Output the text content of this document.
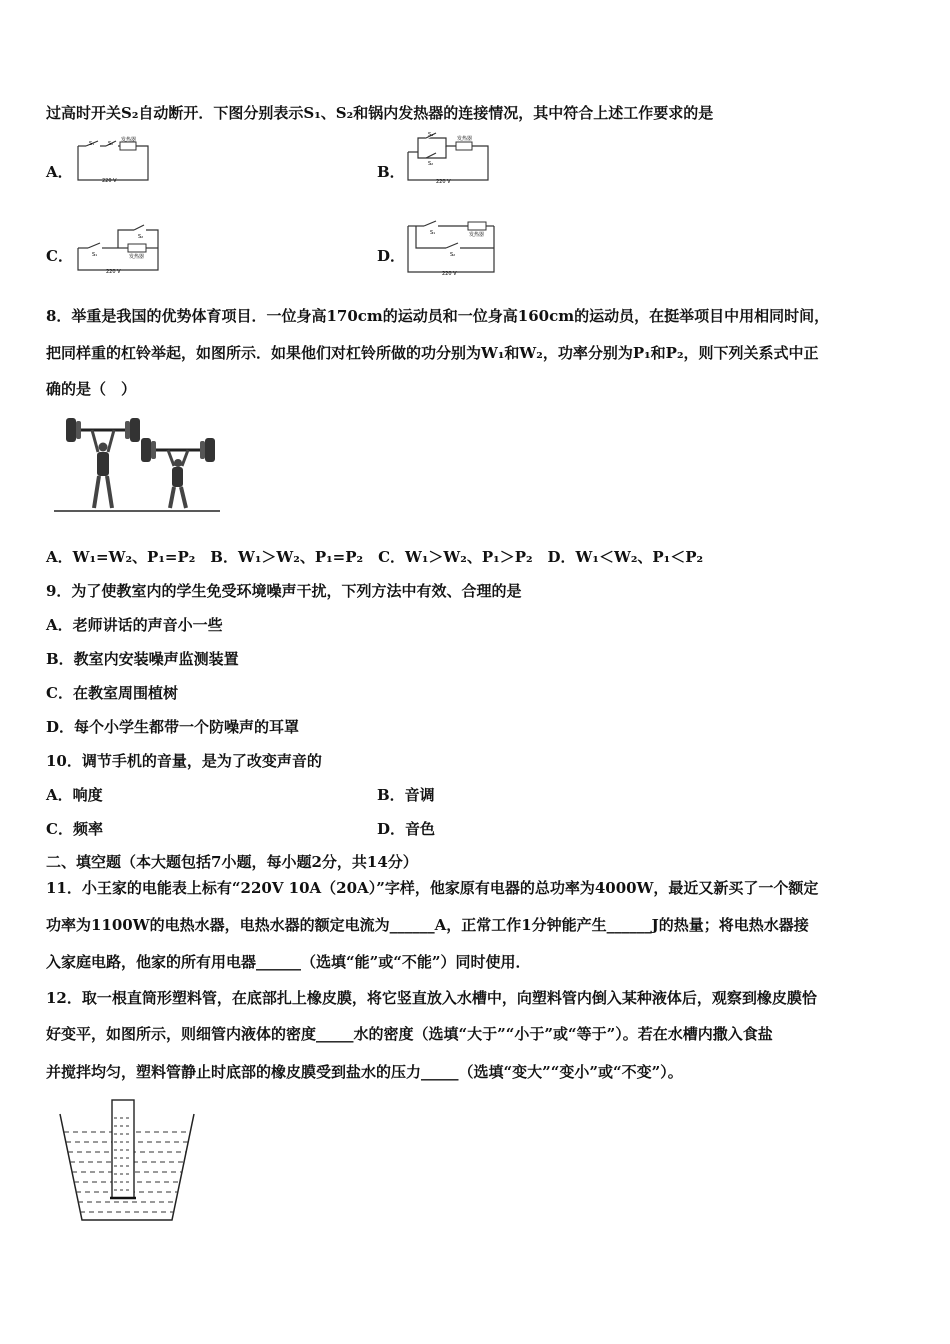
过高时开关S₂自动断开．下图分别表示S₁、S₂和锅内发热器的连接情况，其中符合上述工作要求的是
A．
S₁	S₂
发热器
220 V	B．
S₁
S₂
发热器
220 V
C．	S₁
S₂
发热器
220 V
D．
S₁
S₂
发热器
220 V
8．举重是我国的优势体育项目．一位身高170cm的运动员和一位身高160cm的运动员，在挺举项目中用相同时间，
把同样重的杠铃举起，如图所示．如果他们对杠铃所做的功分别为W₁和W₂，功率分别为P₁和P₂，则下列关系式中正
确的是（　）
A．W₁=W₂、P₁=P₂　B．W₁＞W₂、P₁=P₂　C．W₁＞W₂、P₁＞P₂　D．W₁＜W₂、P₁＜P₂
9．为了使教室内的学生免受环境噪声干扰，下列方法中有效、合理的是
A．老师讲话的声音小一些
B．教室内安装噪声监测装置
C．在教室周围植树
D．每个小学生都带一个防噪声的耳罩
10．调节手机的音量，是为了改变声音的
A．响度	B．音调
C．频率	D．音色
二、填空题（本大题包括7小题，每小题2分，共14分）
11．小王家的电能表上标有“220V 10A（20A）”字样，他家原有电器的总功率为4000W，最近又新买了一个额定
功率为1100W的电热水器，电热水器的额定电流为______A，正常工作1分钟能产生______J的热量；将电热水器接
入家庭电路，他家的所有用电器______（选填“能”或“不能”）同时使用．
12．取一根直筒形塑料管，在底部扎上橡皮膜，将它竖直放入水槽中，向塑料管内倒入某种液体后，观察到橡皮膜恰
好变平，如图所示，则细管内液体的密度_____水的密度（选填“大于”“小于”或“等于”）。若在水槽内撒入食盐
并搅拌均匀，塑料管静止时底部的橡皮膜受到盐水的压力_____（选填“变大”“变小”或“不变”）。
